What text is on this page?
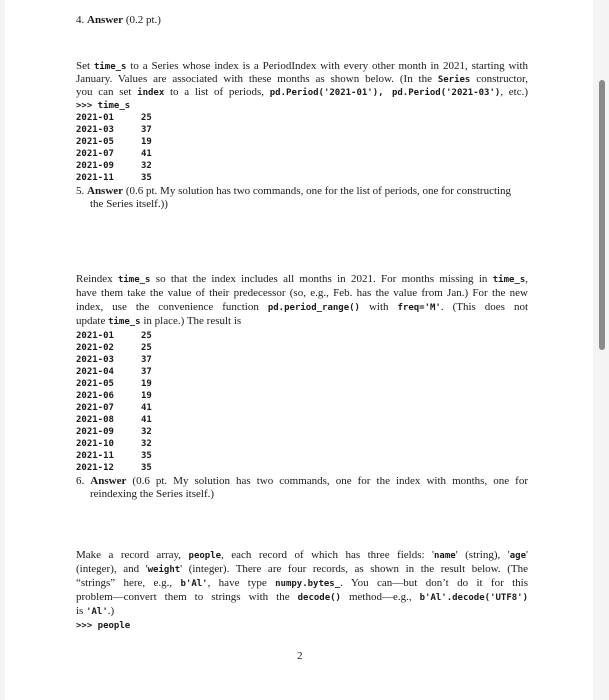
4. Answer (0.2 pt.)
Set time_s to a Series whose index is a PeriodIndex with every other month in 2021, starting with
January. Values are associated with these months as shown below. (In the Series constructor,
you can set index to a list of periods, pd.Period('2021-01'), pd.Period('2021-03'), etc.)
>>> time_s
2021-01	25
2021-03	37
2021-05	19
2021-07	41
2021-09	32
2021-11	35
5. Answer (0.6 pt. My solution has two commands, one for the list of periods, one for constructing
the Series itself.))
Reindex time_s so that the index includes all months in 2021. For months missing in time_s,
have them take the value of their predecessor (so, e.g., Feb. has the value from Jan.) For the new
index, use the convenience function pd.period_range() with freq='M'. (This does not
update time_s in place.) The result is
2021-01	25
2021-02	25
2021-03	37
2021-04	37
2021-05	19
2021-06	19
2021-07	41
2021-08	41
2021-09	32
2021-10	32
2021-11	35
2021-12	35
6. Answer (0.6 pt. My solution has two commands, one for the index with months, one for
reindexing the Series itself.)
Make a record array, people, each record of which has three fields: 'name' (string), 'age'
(integer), and 'weight' (integer). There are four records, as shown in the result below. (The
“strings” here, e.g., b'Al', have type numpy.bytes_. You can—but don’t do it for this
problem—convert them to strings with the decode() method—e.g., b'Al'.decode('UTF8')
is 'Al'.)
>>> people
2
